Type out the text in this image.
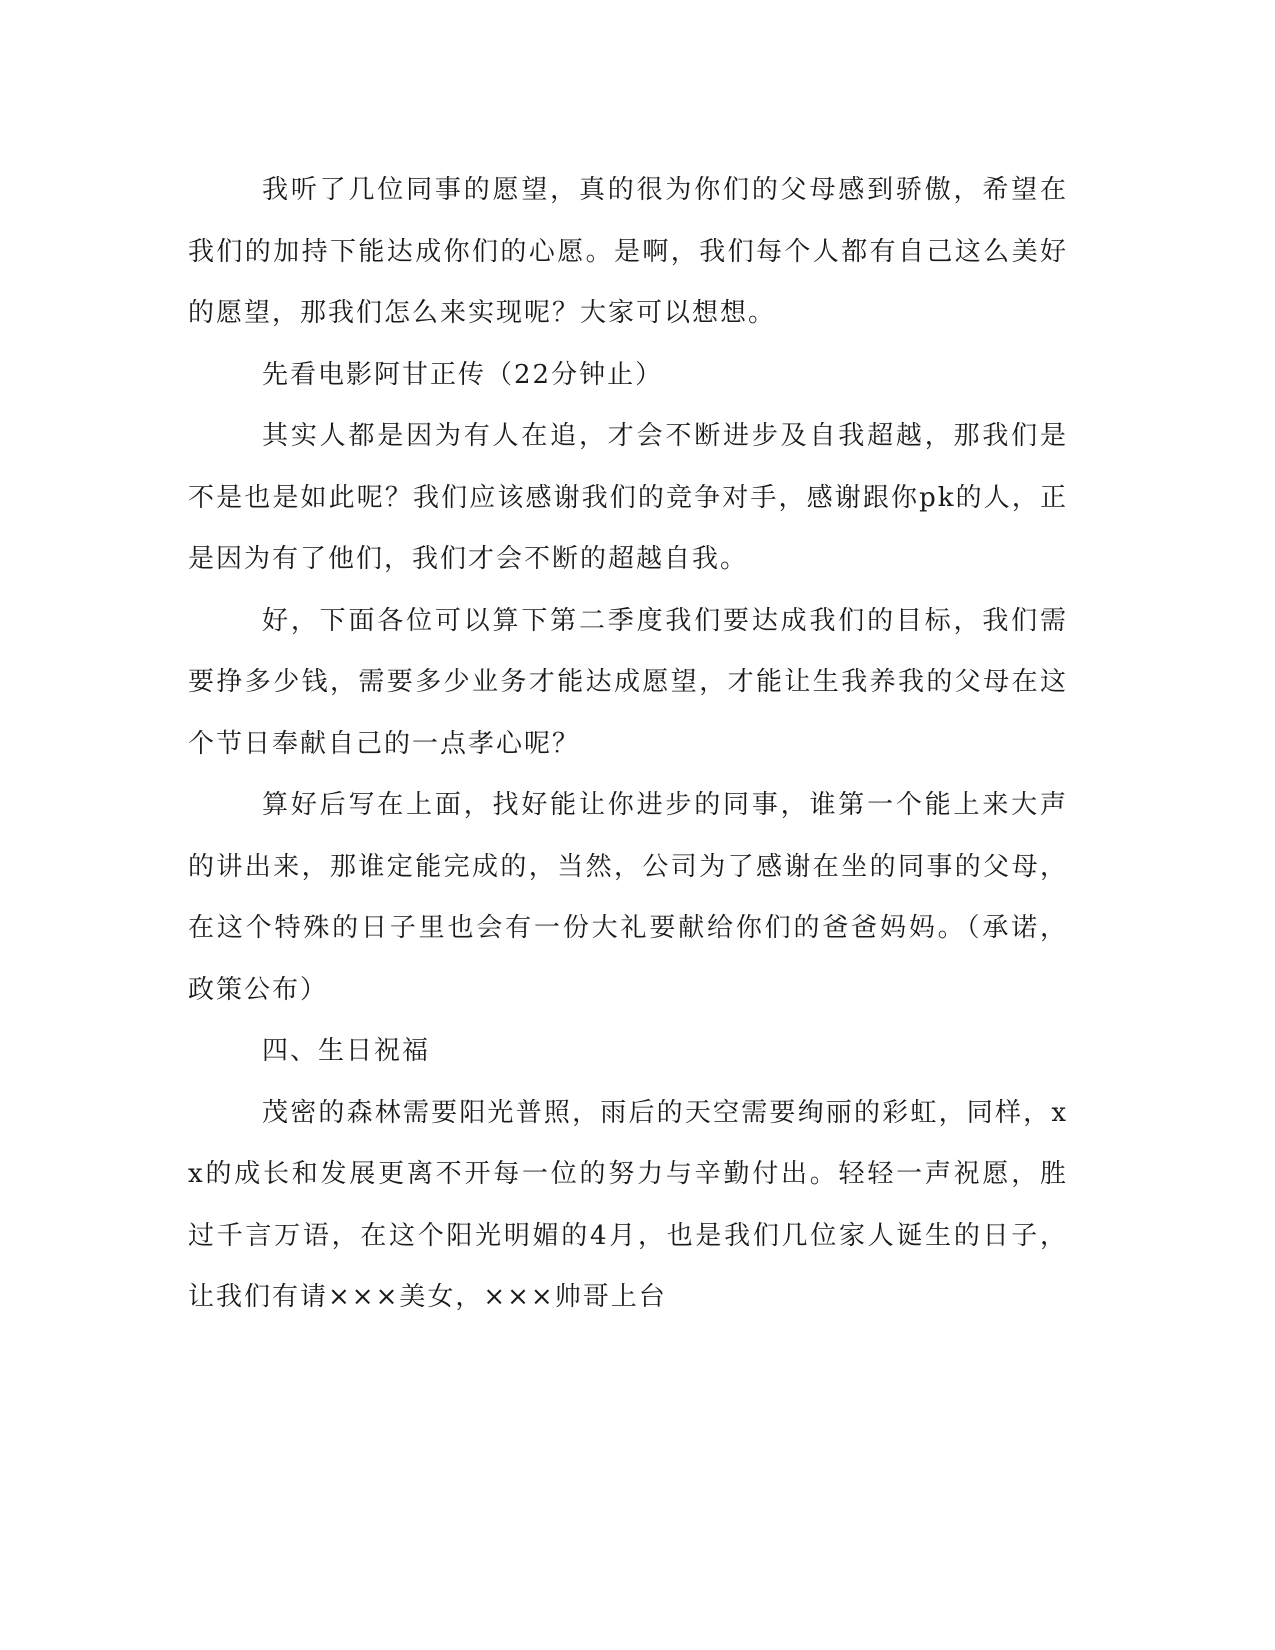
我听了几位同事的愿望，真的很为你们的父母感到骄傲，希望在我们的加持下能达成你们的心愿。是啊，我们每个人都有自己这么美好的愿望，那我们怎么来实现呢？大家可以想想。

先看电影阿甘正传（22分钟止）

其实人都是因为有人在追，才会不断进步及自我超越，那我们是不是也是如此呢？我们应该感谢我们的竞争对手，感谢跟你pk的人，正是因为有了他们，我们才会不断的超越自我。

好，下面各位可以算下第二季度我们要达成我们的目标，我们需要挣多少钱，需要多少业务才能达成愿望，才能让生我养我的父母在这个节日奉献自己的一点孝心呢？

算好后写在上面，找好能让你进步的同事，谁第一个能上来大声的讲出来，那谁定能完成的，当然，公司为了感谢在坐的同事的父母，在这个特殊的日子里也会有一份大礼要献给你们的爸爸妈妈。（承诺，政策公布）

四、生日祝福

茂密的森林需要阳光普照，雨后的天空需要绚丽的彩虹，同样，xx的成长和发展更离不开每一位的努力与辛勤付出。轻轻一声祝愿，胜过千言万语，在这个阳光明媚的4月，也是我们几位家人诞生的日子，让我们有请×××美女，×××帅哥上台
